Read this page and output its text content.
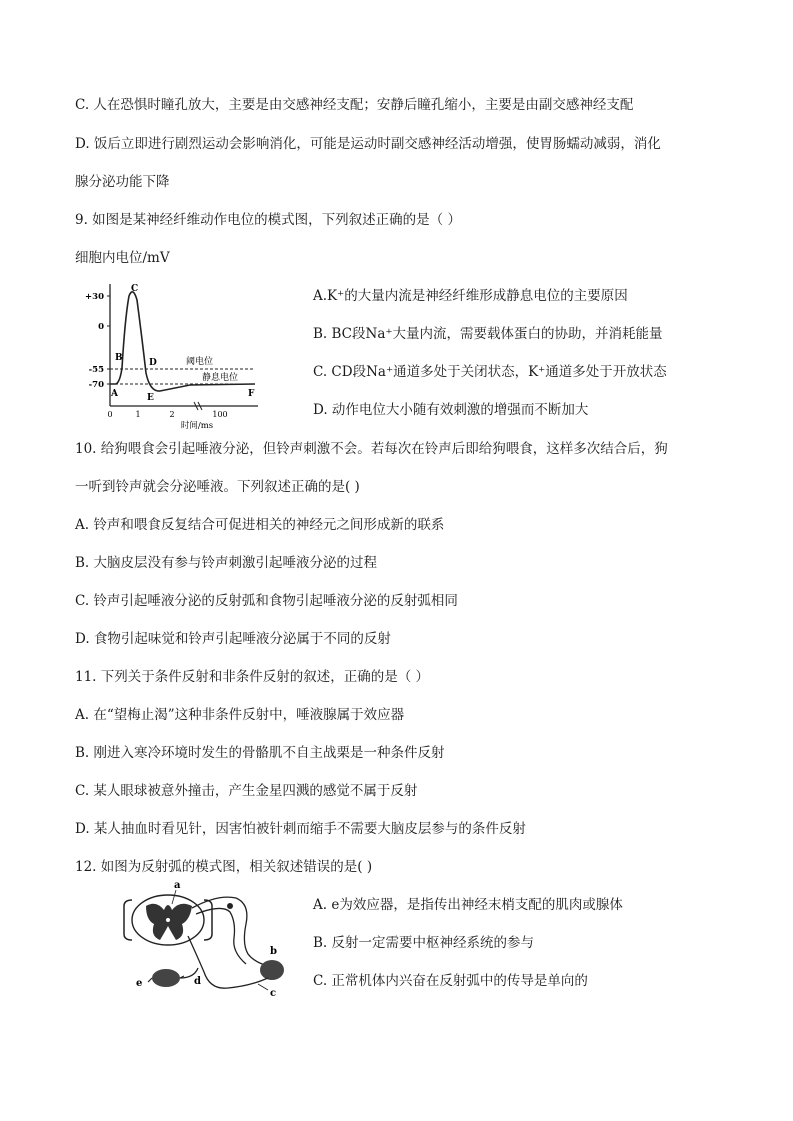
C. 人在恐惧时瞳孔放大，主要是由交感神经支配；安静后瞳孔缩小，主要是由副交感神经支配
D. 饭后立即进行剧烈运动会影响消化，可能是运动时副交感神经活动增强，使胃肠蠕动减弱，消化
腺分泌功能下降
9. 如图是某神经纤维动作电位的模式图，下列叙述正确的是（ ）
细胞内电位/mV
+30
0
-55
-70
A
B
C
D
E	F
阈电位
静息电位
0	1	2	100
时间/ms
A.K⁺的大量内流是神经纤维形成静息电位的主要原因
B. BC段Na⁺大量内流，需要载体蛋白的协助，并消耗能量
C. CD段Na⁺通道多处于关闭状态，K⁺通道多处于开放状态
D. 动作电位大小随有效刺激的增强而不断加大
10. 给狗喂食会引起唾液分泌，但铃声刺激不会。若每次在铃声后即给狗喂食，这样多次结合后，狗
一听到铃声就会分泌唾液。下列叙述正确的是( )
A. 铃声和喂食反复结合可促进相关的神经元之间形成新的联系
B. 大脑皮层没有参与铃声刺激引起唾液分泌的过程
C. 铃声引起唾液分泌的反射弧和食物引起唾液分泌的反射弧相同
D. 食物引起味觉和铃声引起唾液分泌属于不同的反射
11. 下列关于条件反射和非条件反射的叙述，正确的是（ ）
A. 在“望梅止渴”这种非条件反射中，唾液腺属于效应器
B. 刚进入寒冷环境时发生的骨骼肌不自主战栗是一种条件反射
C. 某人眼球被意外撞击，产生金星四溅的感觉不属于反射
D. 某人抽血时看见针，因害怕被针刺而缩手不需要大脑皮层参与的条件反射
12. 如图为反射弧的模式图，相关叙述错误的是( )
a
b
c
d
e
A. e为效应器，是指传出神经末梢支配的肌肉或腺体
B. 反射一定需要中枢神经系统的参与
C. 正常机体内兴奋在反射弧中的传导是单向的
